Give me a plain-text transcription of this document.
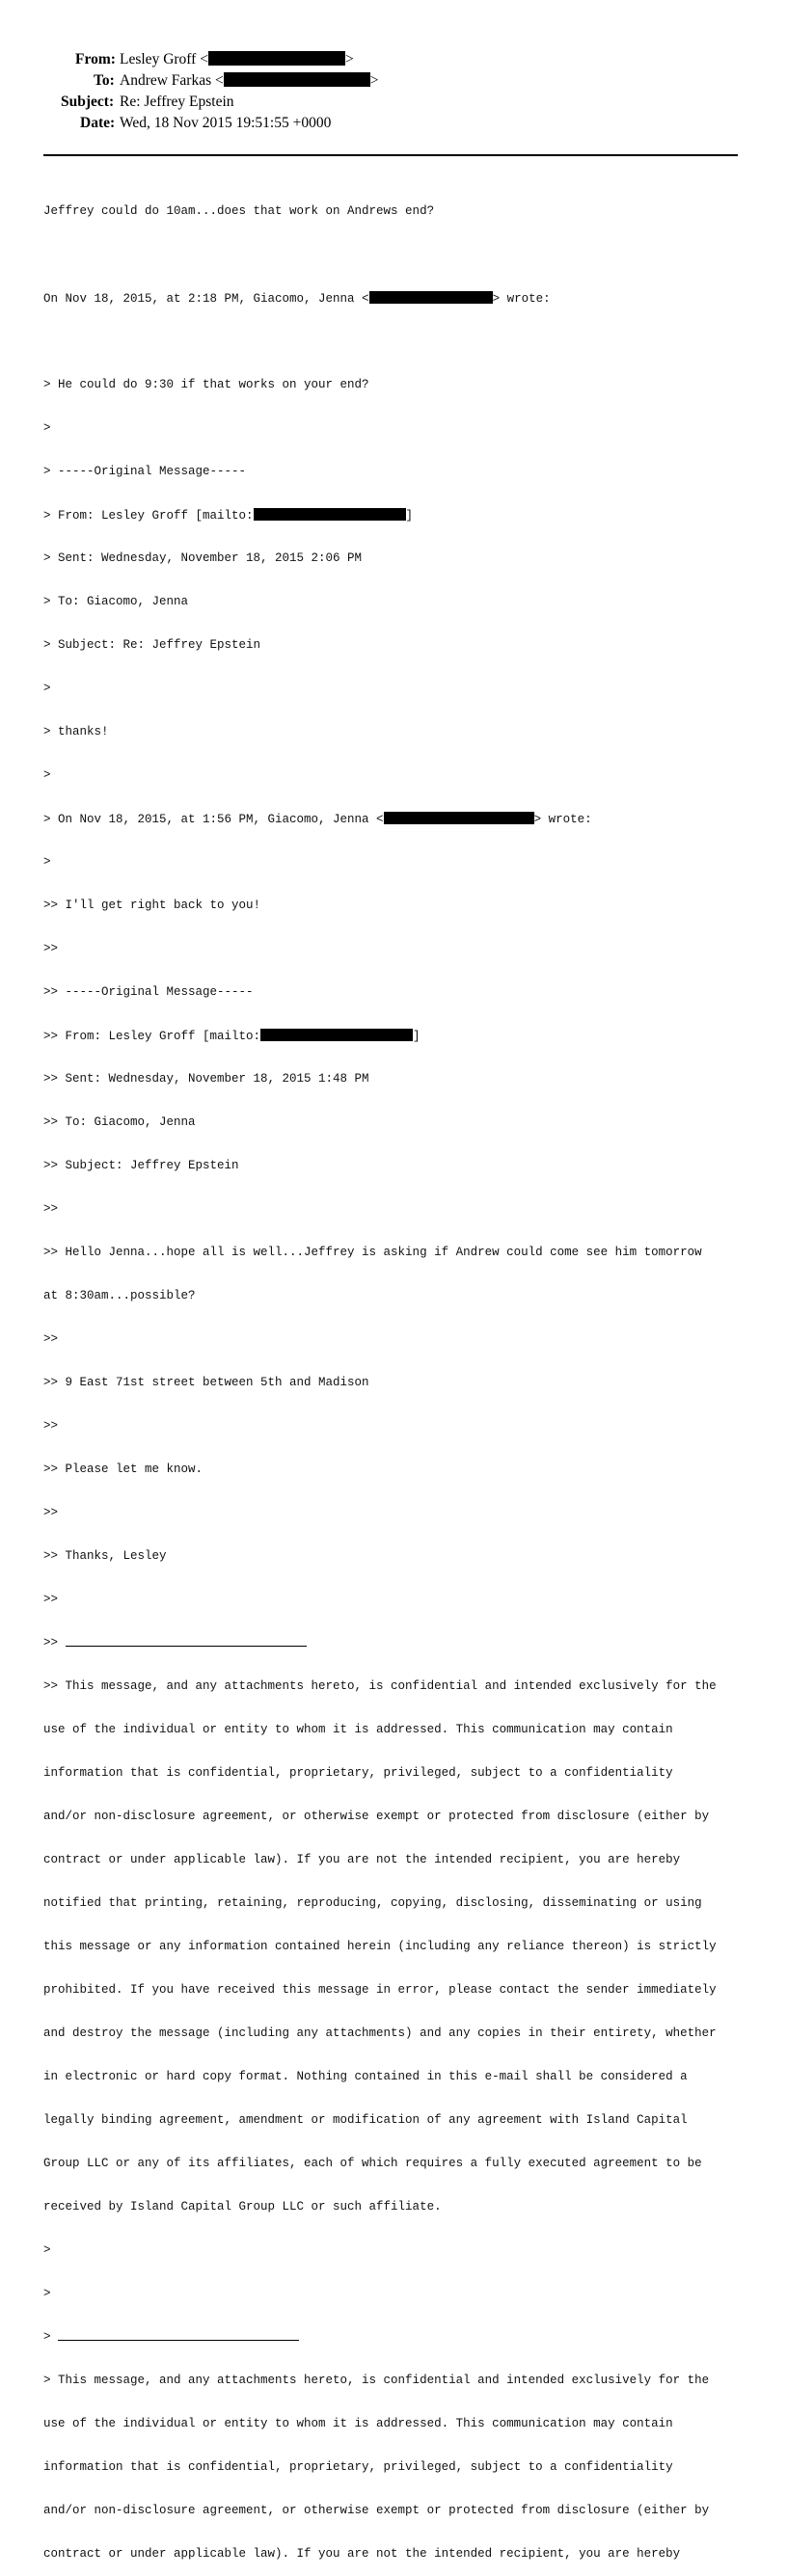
From: Lesley Groff <	>
To: Andrew Farkas <	>
Subject: Re: Jeffrey Epstein
Date: Wed, 18 Nov 2015 19:51:55 +0000

Jeffrey could do 10am...does that work on Andrews end?

On Nov 18, 2015, at 2:18 PM, Giacomo, Jenna <	> wrote:

> He could do 9:30 if that works on your end?

>

> -----Original Message-----

> From: Lesley Groff [mailto:	]

> Sent: Wednesday, November 18, 2015 2:06 PM

> To: Giacomo, Jenna

> Subject: Re: Jeffrey Epstein

>

> thanks!

>

> On Nov 18, 2015, at 1:56 PM, Giacomo, Jenna <	> wrote:

>

>> I'll get right back to you!

>>

>> -----Original Message-----

>> From: Lesley Groff [mailto:	]

>> Sent: Wednesday, November 18, 2015 1:48 PM

>> To: Giacomo, Jenna

>> Subject: Jeffrey Epstein

>>

>> Hello Jenna...hope all is well...Jeffrey is asking if Andrew could come see him tomorrow

at 8:30am...possible?

>>

>> 9 East 71st street between 5th and Madison

>>

>> Please let me know.

>>

>> Thanks, Lesley

>>

>>

>> This message, and any attachments hereto, is confidential and intended exclusively for the

use of the individual or entity to whom it is addressed. This communication may contain

information that is confidential, proprietary, privileged, subject to a confidentiality

and/or non-disclosure agreement, or otherwise exempt or protected from disclosure (either by

contract or under applicable law). If you are not the intended recipient, you are hereby

notified that printing, retaining, reproducing, copying, disclosing, disseminating or using

this message or any information contained herein (including any reliance thereon) is strictly

prohibited. If you have received this message in error, please contact the sender immediately

and destroy the message (including any attachments) and any copies in their entirety, whether

in electronic or hard copy format. Nothing contained in this e-mail shall be considered a

legally binding agreement, amendment or modification of any agreement with Island Capital

Group LLC or any of its affiliates, each of which requires a fully executed agreement to be

received by Island Capital Group LLC or such affiliate.

>

>

>

> This message, and any attachments hereto, is confidential and intended exclusively for the

use of the individual or entity to whom it is addressed. This communication may contain

information that is confidential, proprietary, privileged, subject to a confidentiality

and/or non-disclosure agreement, or otherwise exempt or protected from disclosure (either by

contract or under applicable law). If you are not the intended recipient, you are hereby
